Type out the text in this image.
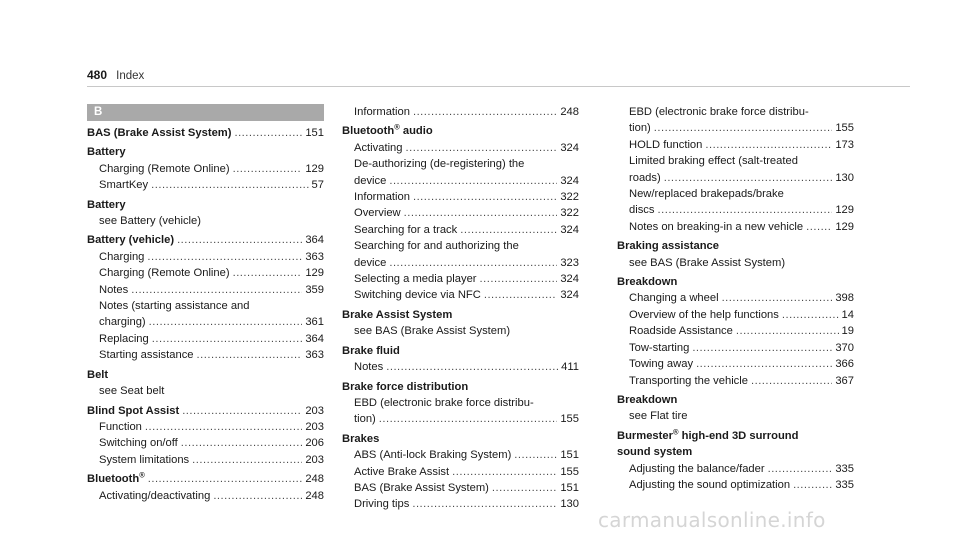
480 Index
B
BAS (Brake Assist System) .....	151
Battery
Charging (Remote Online) .....	129
SmartKey .....	57
Battery
see Battery (vehicle)
Battery (vehicle) .....	364
Charging .....	363
Charging (Remote Online) .....	129
Notes .....	359
Notes (starting assistance and
charging) .....	361
Replacing .....	364
Starting assistance .....	363
Belt
see Seat belt
Blind Spot Assist .....	203
Function .....	203
Switching on/off .....	206
System limitations .....	203
Bluetooth® .....	248
Activating/deactivating .....	248
Information .....	248
Bluetooth® audio
Activating .....	324
De-authorizing (de-registering) the
device .....	324
Information .....	322
Overview .....	322
Searching for a track .....	324
Searching for and authorizing the
device .....	323
Selecting a media player .....	324
Switching device via NFC .....	324
Brake Assist System
see BAS (Brake Assist System)
Brake fluid
Notes .....	411
Brake force distribution
EBD (electronic brake force distribu-
tion) .....	155
Brakes
ABS (Anti-lock Braking System) .....	151
Active Brake Assist .....	155
BAS (Brake Assist System) .....	151
Driving tips .....	130
EBD (electronic brake force distribu-
tion) .....	155
HOLD function .....	173
Limited braking effect (salt-treated
roads) .....	130
New/replaced brakepads/brake
discs .....	129
Notes on breaking-in a new vehicle .....	129
Braking assistance
see BAS (Brake Assist System)
Breakdown
Changing a wheel .....	398
Overview of the help functions .....	14
Roadside Assistance .....	19
Tow-starting .....	370
Towing away .....	366
Transporting the vehicle .....	367
Breakdown
see Flat tire
Burmester® high-end 3D surround
sound system
Adjusting the balance/fader .....	335
Adjusting the sound optimization .....	335
carmanualsonline.info
